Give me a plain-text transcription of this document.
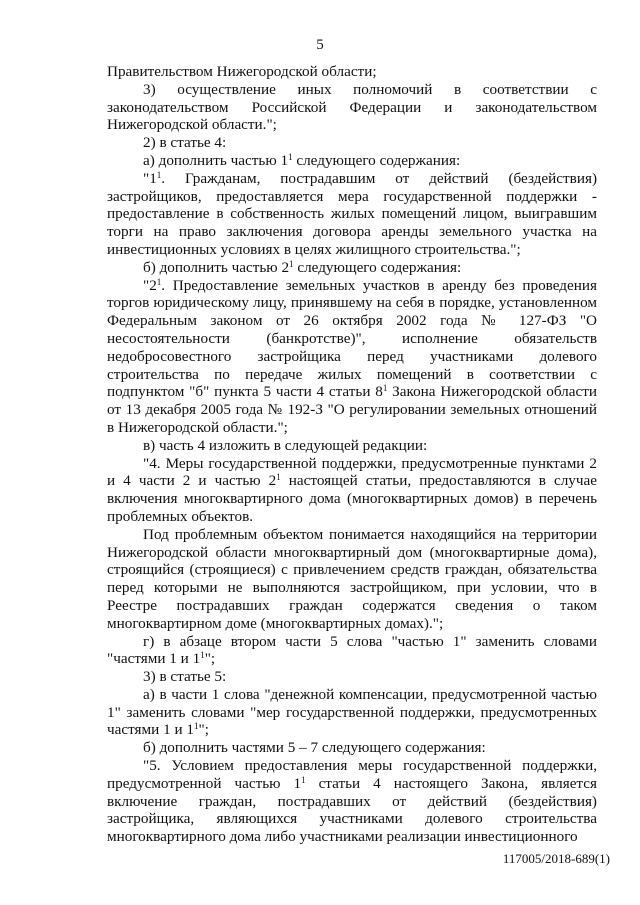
5

Правительством Нижегородской области;

3) осуществление иных полномочий в соответствии с законодательством Российской Федерации и законодательством Нижегородской области.";

2) в статье 4:

а) дополнить частью $1^1$ следующего содержания:

"$1^1$. Гражданам, пострадавшим от действий (бездействия) застройщиков, предоставляется мера государственной поддержки - предоставление в собственность жилых помещений лицом, выигравшим торги на право заключения договора аренды земельного участка на инвестиционных условиях в целях жилищного строительства.";

б) дополнить частью $2^1$ следующего содержания:

"$2^1$. Предоставление земельных участков в аренду без проведения торгов юридическому лицу, принявшему на себя в порядке, установленном Федеральным законом от 26 октября 2002 года № 127-ФЗ "О несостоятельности (банкротстве)", исполнение обязательств недобросовестного застройщика перед участниками долевого строительства по передаче жилых помещений в соответствии с подпунктом "б" пункта 5 части 4 статьи $8^1$ Закона Нижегородской области от 13 декабря 2005 года № 192-З "О регулировании земельных отношений в Нижегородской области.";

в) часть 4 изложить в следующей редакции:

"4. Меры государственной поддержки, предусмотренные пунктами 2 и 4 части 2 и частью $2^1$ настоящей статьи, предоставляются в случае включения многоквартирного дома (многоквартирных домов) в перечень проблемных объектов.

Под проблемным объектом понимается находящийся на территории Нижегородской области многоквартирный дом (многоквартирные дома), строящийся (строящиеся) с привлечением средств граждан, обязательства перед которыми не выполняются застройщиком, при условии, что в Реестре пострадавших граждан содержатся сведения о таком многоквартирном доме (многоквартирных домах).";

г) в абзаце втором части 5 слова "частью 1" заменить словами "частями 1 и $1^1$";

3) в статье 5:

а) в части 1 слова "денежной компенсации, предусмотренной частью 1" заменить словами "мер государственной поддержки, предусмотренных частями 1 и $1^1$";

б) дополнить частями 5 – 7 следующего содержания:

"5. Условием предоставления меры государственной поддержки, предусмотренной частью $1^1$ статьи 4 настоящего Закона, является включение граждан, пострадавших от действий (бездействия) застройщика, являющихся участниками долевого строительства многоквартирного дома либо участниками реализации инвестиционного

117005/2018-689(1)
